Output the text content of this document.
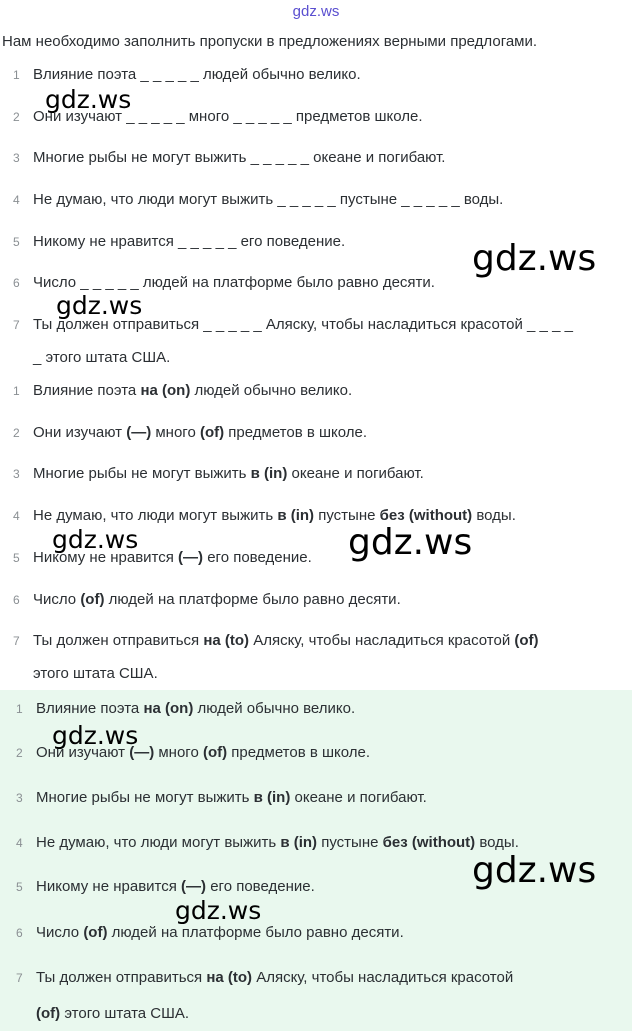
gdz.ws
Нам необходимо заполнить пропуски в предложениях верными предлогами.
1 Влияние поэта _ _ _ _ _ людей обычно велико.
2 Они изучают _ _ _ _ _ много _ _ _ _ _ предметов школе.
3 Многие рыбы не могут выжить _ _ _ _ _ океане и погибают.
4 Не думаю, что люди могут выжить _ _ _ _ _ пустыне _ _ _ _ _ воды.
5 Никому не нравится _ _ _ _ _ его поведение.
6 Число _ _ _ _ _ людей на платформе было равно десяти.
7 Ты должен отправиться _ _ _ _ _ Аляску, чтобы насладиться красотой _ _ _ _
_ этого штата США.
1 Влияние поэта на (on) людей обычно велико.
2 Они изучают (—) много (of) предметов в школе.
3 Многие рыбы не могут выжить в (in) океане и погибают.
4 Не думаю, что люди могут выжить в (in) пустыне без (without) воды.
5 Никому не нравится (—) его поведение.
6 Число (of) людей на платформе было равно десяти.
7 Ты должен отправиться на (to) Аляску, чтобы насладиться красотой (of)
этого штата США.
1 Влияние поэта на (on) людей обычно велико.
2 Они изучают (—) много (of) предметов в школе.
3 Многие рыбы не могут выжить в (in) океане и погибают.
4 Не думаю, что люди могут выжить в (in) пустыне без (without) воды.
5 Никому не нравится (—) его поведение.
6 Число (of) людей на платформе было равно десяти.
7 Ты должен отправиться на (to) Аляску, чтобы насладиться красотой
(of) этого штата США.
gdz.ws
gdz.ws
gdz.ws
gdz.ws	gdz.ws
gdz.ws
gdz.ws
gdz.ws
